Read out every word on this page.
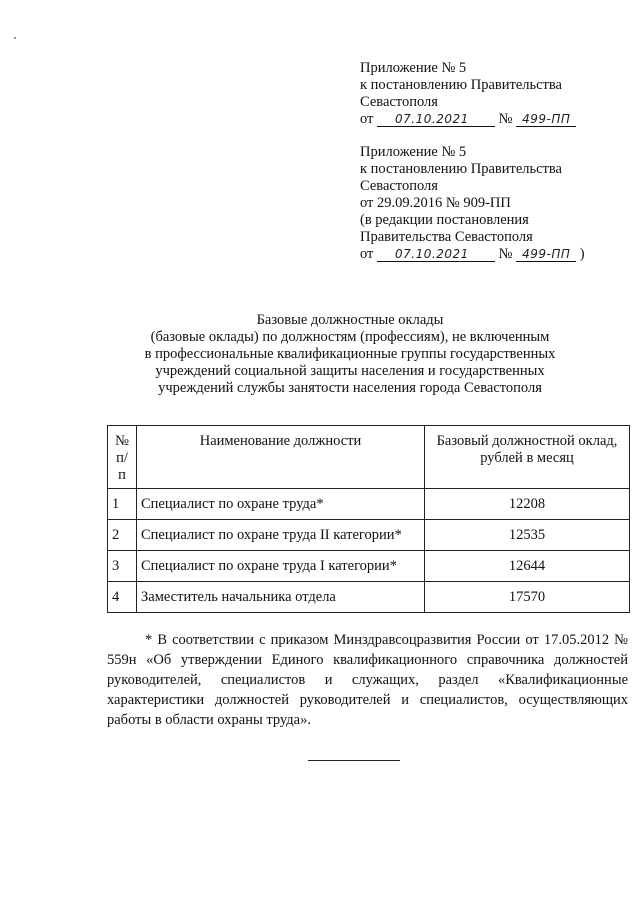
Приложение № 5
к постановлению Правительства
Севастополя
от 07.10.2021 № 499-ПП
Приложение № 5
к постановлению Правительства
Севастополя
от 29.09.2016 № 909-ПП
(в редакции постановления
Правительства Севастополя
от 07.10.2021 № 499-ПП )
Базовые должностные оклады
(базовые оклады) по должностям (профессиям), не включенным
в профессиональные квалификационные группы государственных
учреждений социальной защиты населения и государственных
учреждений службы занятости населения города Севастополя
№ п/ п	Наименование должности	Базовый должностной оклад, рублей в месяц
1	Специалист по охране труда*	12208
2	Специалист по охране труда II категории*	12535
3	Специалист по охране труда I категории*	12644
4	Заместитель начальника отдела	17570

* В соответствии с приказом Минздравсоцразвития России от 17.05.2012 № 559н «Об утверждении Единого квалификационного справочника должностей руководителей, специалистов и служащих, раздел «Квалификационные характеристики должностей руководителей и специалистов, осуществляющих работы в области охраны труда».
